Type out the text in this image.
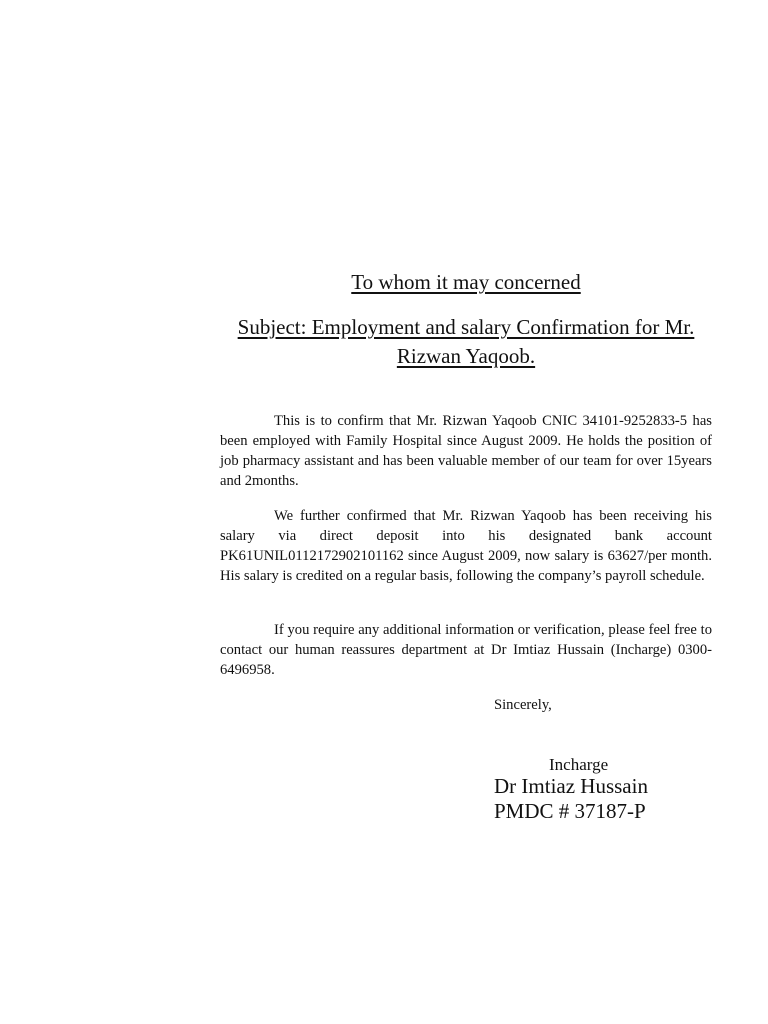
To whom it may concerned
Subject: Employment and salary Confirmation for Mr. Rizwan Yaqoob.

This is to confirm that Mr. Rizwan Yaqoob CNIC 34101-9252833-5 has been employed with Family Hospital since August 2009. He holds the position of job pharmacy assistant and has been valuable member of our team for over 15years and 2months.

We further confirmed that Mr. Rizwan Yaqoob has been receiving his salary via direct deposit into his designated bank account PK61UNIL0112172902101162 since August 2009, now salary is 63627/per month. His salary is credited on a regular basis, following the company’s payroll schedule.

If you require any additional information or verification, please feel free to contact our human reassures department at Dr Imtiaz Hussain (Incharge) 0300-6496958.

Sincerely,
Incharge
Dr Imtiaz Hussain
PMDC # 37187-P
